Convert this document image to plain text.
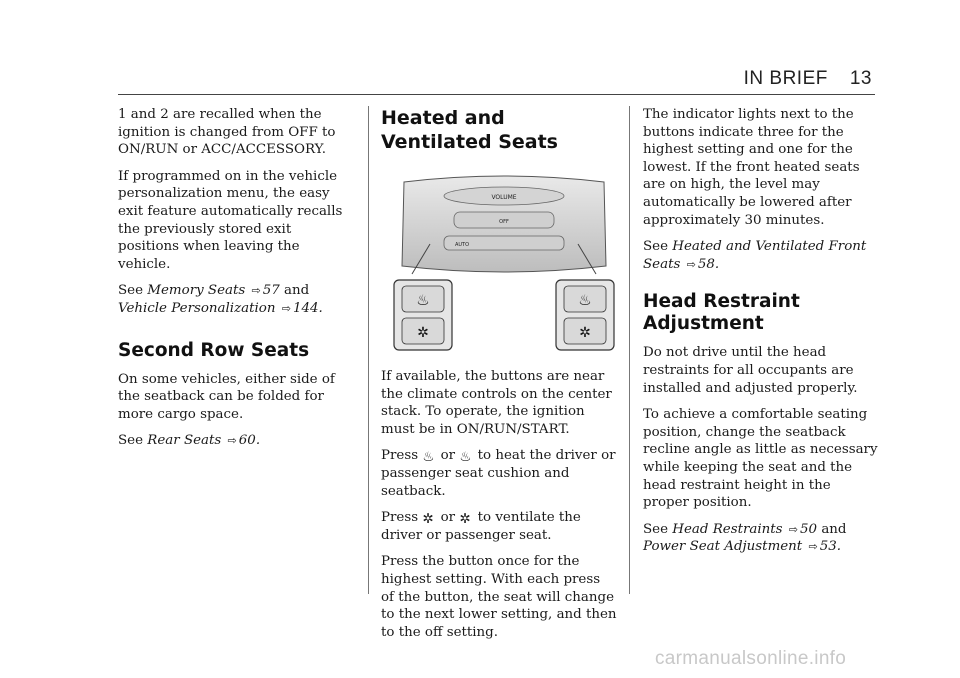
IN BRIEF 13

1 and 2 are recalled when the ignition is changed from OFF to ON/RUN or ACC/ACCESSORY.

If programmed on in the vehicle personalization menu, the easy exit feature automatically recalls the previously stored exit positions when leaving the vehicle.

See Memory Seats ⇨ 57 and Vehicle Personalization ⇨ 144.

Second Row Seats

On some vehicles, either side of the seatback can be folded for more cargo space.

See Rear Seats ⇨ 60.

Heated and Ventilated Seats
VOLUME
OFF
AUTO
♨
✲
♨
✲

If available, the buttons are near the climate controls on the center stack. To operate, the ignition must be in ON/RUN/START.

Press ♨ or ♨ to heat the driver or passenger seat cushion and seatback.

Press ✲ or ✲ to ventilate the driver or passenger seat.

Press the button once for the highest setting. With each press of the button, the seat will change to the next lower setting, and then to the off setting.

The indicator lights next to the buttons indicate three for the highest setting and one for the lowest. If the front heated seats are on high, the level may automatically be lowered after approximately 30 minutes.

See Heated and Ventilated Front Seats ⇨ 58.

Head Restraint Adjustment

Do not drive until the head restraints for all occupants are installed and adjusted properly.

To achieve a comfortable seating position, change the seatback recline angle as little as necessary while keeping the seat and the head restraint height in the proper position.

See Head Restraints ⇨ 50 and Power Seat Adjustment ⇨ 53.

carmanualsonline.info
